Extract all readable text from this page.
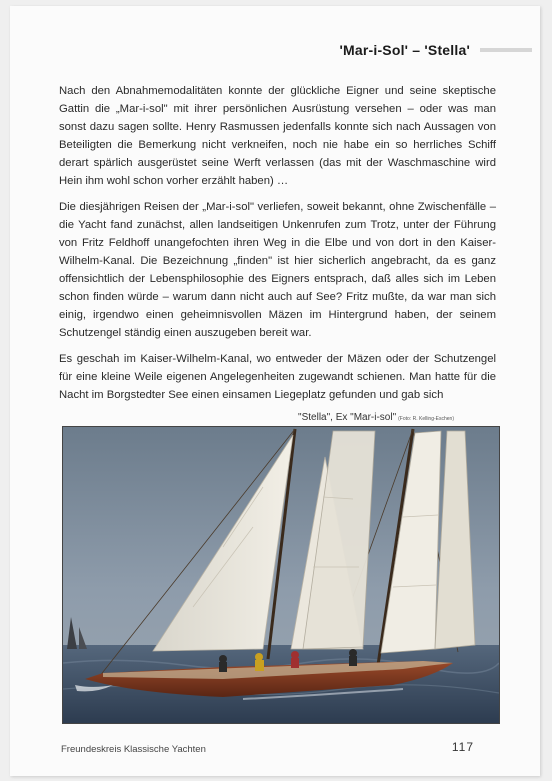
'Mar-i-Sol' – 'Stella'

Nach den Abnahmemodalitäten konnte der glückliche Eigner und seine skeptische Gattin die „Mar-i-sol" mit ihrer persönlichen Ausrüstung versehen – oder was man sonst dazu sagen sollte. Henry Rasmussen jedenfalls konnte sich nach Aussagen von Beteiligten die Bemerkung nicht verkneifen, noch nie habe ein so herrliches Schiff derart spärlich ausgerüstet seine Werft verlassen (das mit der Waschmaschine wird Hein ihm wohl schon vorher erzählt haben) …

Die diesjährigen Reisen der „Mar-i-sol" verliefen, soweit bekannt, ohne Zwischenfälle – die Yacht fand zunächst, allen landseitigen Unkenrufen zum Trotz, unter der Führung von Fritz Feldhoff unangefochten ihren Weg in die Elbe und von dort in den Kaiser-Wilhelm-Kanal. Die Bezeichnung „finden" ist hier sicherlich angebracht, da es ganz offensichtlich der Lebensphilosophie des Eigners entsprach, daß alles sich im Leben schon finden würde – warum dann nicht auch auf See? Fritz mußte, da war man sich einig, irgendwo einen geheimnisvollen Mäzen im Hintergrund haben, der seinem Schutzengel ständig einen auszugeben bereit war.

Es geschah im Kaiser-Wilhelm-Kanal, wo entweder der Mäzen oder der Schutzengel für eine kleine Weile eigenen Angelegenheiten zugewandt schienen. Man hatte für die Nacht im Borgstedter See einen einsamen Liegeplatz gefunden und gab sich

"Stella", Ex "Mar-i-sol" (Foto: R. Kelling-Eschen)
Freundeskreis Klassische Yachten	117
